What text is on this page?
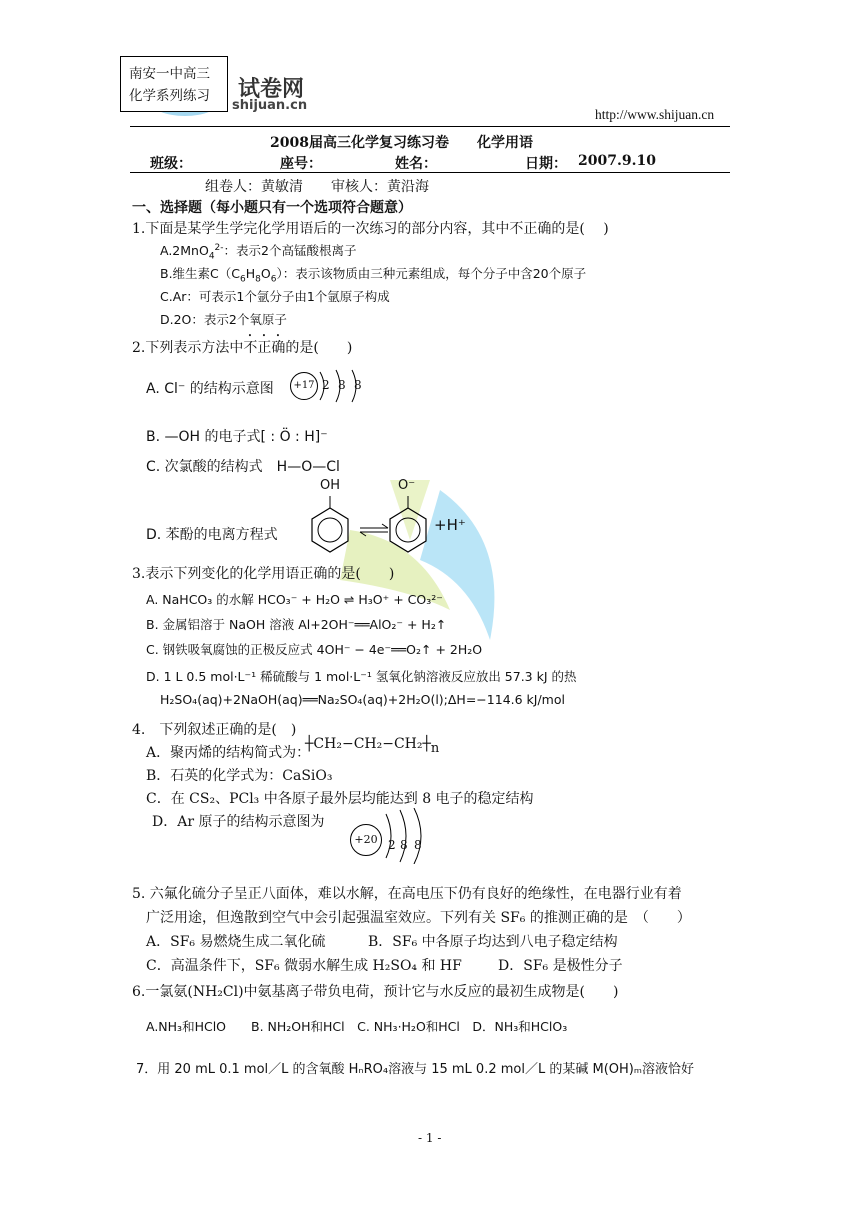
试卷网
shijuan.cn
南安一中高三
化学系列练习
http://www.shijuan.cn
2008届高三化学复习练习卷　　 化学用语
班级：	座号：	姓名：	日期： 2007.9.10
组卷人：黄敏清　　审核人：黄沿海
一、选择题（每小题只有一个选项符合题意）
1.下面是某学生学完化学用语后的一次练习的部分内容，其中不正确的是(　 )
A.2MnO$_4^{2-}$：表示2个高锰酸根离子
B.维生素$C(C_6H_8O_6)$：表示该物质由三种元素组成，每个分子中含20个原子
C.Ar：可表示1个氩分子由1个氩原子构成
D.2O：表示2个氧原子
2.下列表示方法中不正确的是(　　)
A. Cl⁻ 的结构示意图	+17 2 8 8
B. —OH 的电子式[ : Ö : H]⁻
C. 次氯酸的结构式　H—O—Cl
D. 苯酚的电离方程式
OH	O⁻
+H⁺
3.表示下列变化的化学用语正确的是(　　)
A. NaHCO₃ 的水解 HCO₃⁻ + H₂O ⇌ H₃O⁺ + CO₃²⁻
B. 金属铝溶于 NaOH 溶液 Al+2OH⁻══AlO₂⁻ + H₂↑
C. 钢铁吸氧腐蚀的正极反应式 4OH⁻ − 4e⁻══O₂↑ + 2H₂O
D. 1 L 0.5 mol·L⁻¹ 稀硫酸与 1 mol·L⁻¹ 氢氧化钠溶液反应放出 57.3 kJ 的热
H₂SO₄(aq)+2NaOH(aq)══Na₂SO₄(aq)+2H₂O(l);ΔH=−114.6 kJ/mol
4.　下列叙述正确的是(　)
A．聚丙烯的结构简式为：
$┼CH_2-CH_2-CH_2┼_n$
B．石英的化学式为：CaSiO₃
C．在 CS₂、PCl₃ 中各原子最外层均能达到 8 电子的稳定结构
D．Ar 原子的结构示意图为
+20 2 8 8
5. 六氟化硫分子呈正八面体，难以水解，在高电压下仍有良好的绝缘性，在电器行业有着
广泛用途，但逸散到空气中会引起强温室效应。下列有关 SF₆ 的推测正确的是　（　　）
A．SF₆ 易燃烧生成二氧化硫	B．SF₆ 中各原子均达到八电子稳定结构
C．高温条件下，SF₆ 微弱水解生成 H₂SO₄ 和 HF	D．SF₆ 是极性分子
6.一氯氨(NH₂Cl)中氨基离子带负电荷，预计它与水反应的最初生成物是(　　)
A.NH₃和HClO　　B. NH₂OH和HCl　C. NH₃·H₂O和HCl　D．NH₃和HClO₃
7．用 20 mL 0.1 mol／L 的含氧酸 HₙRO₄溶液与 15 mL 0.2 mol／L 的某碱 M(OH)ₘ溶液恰好
- 1 -
